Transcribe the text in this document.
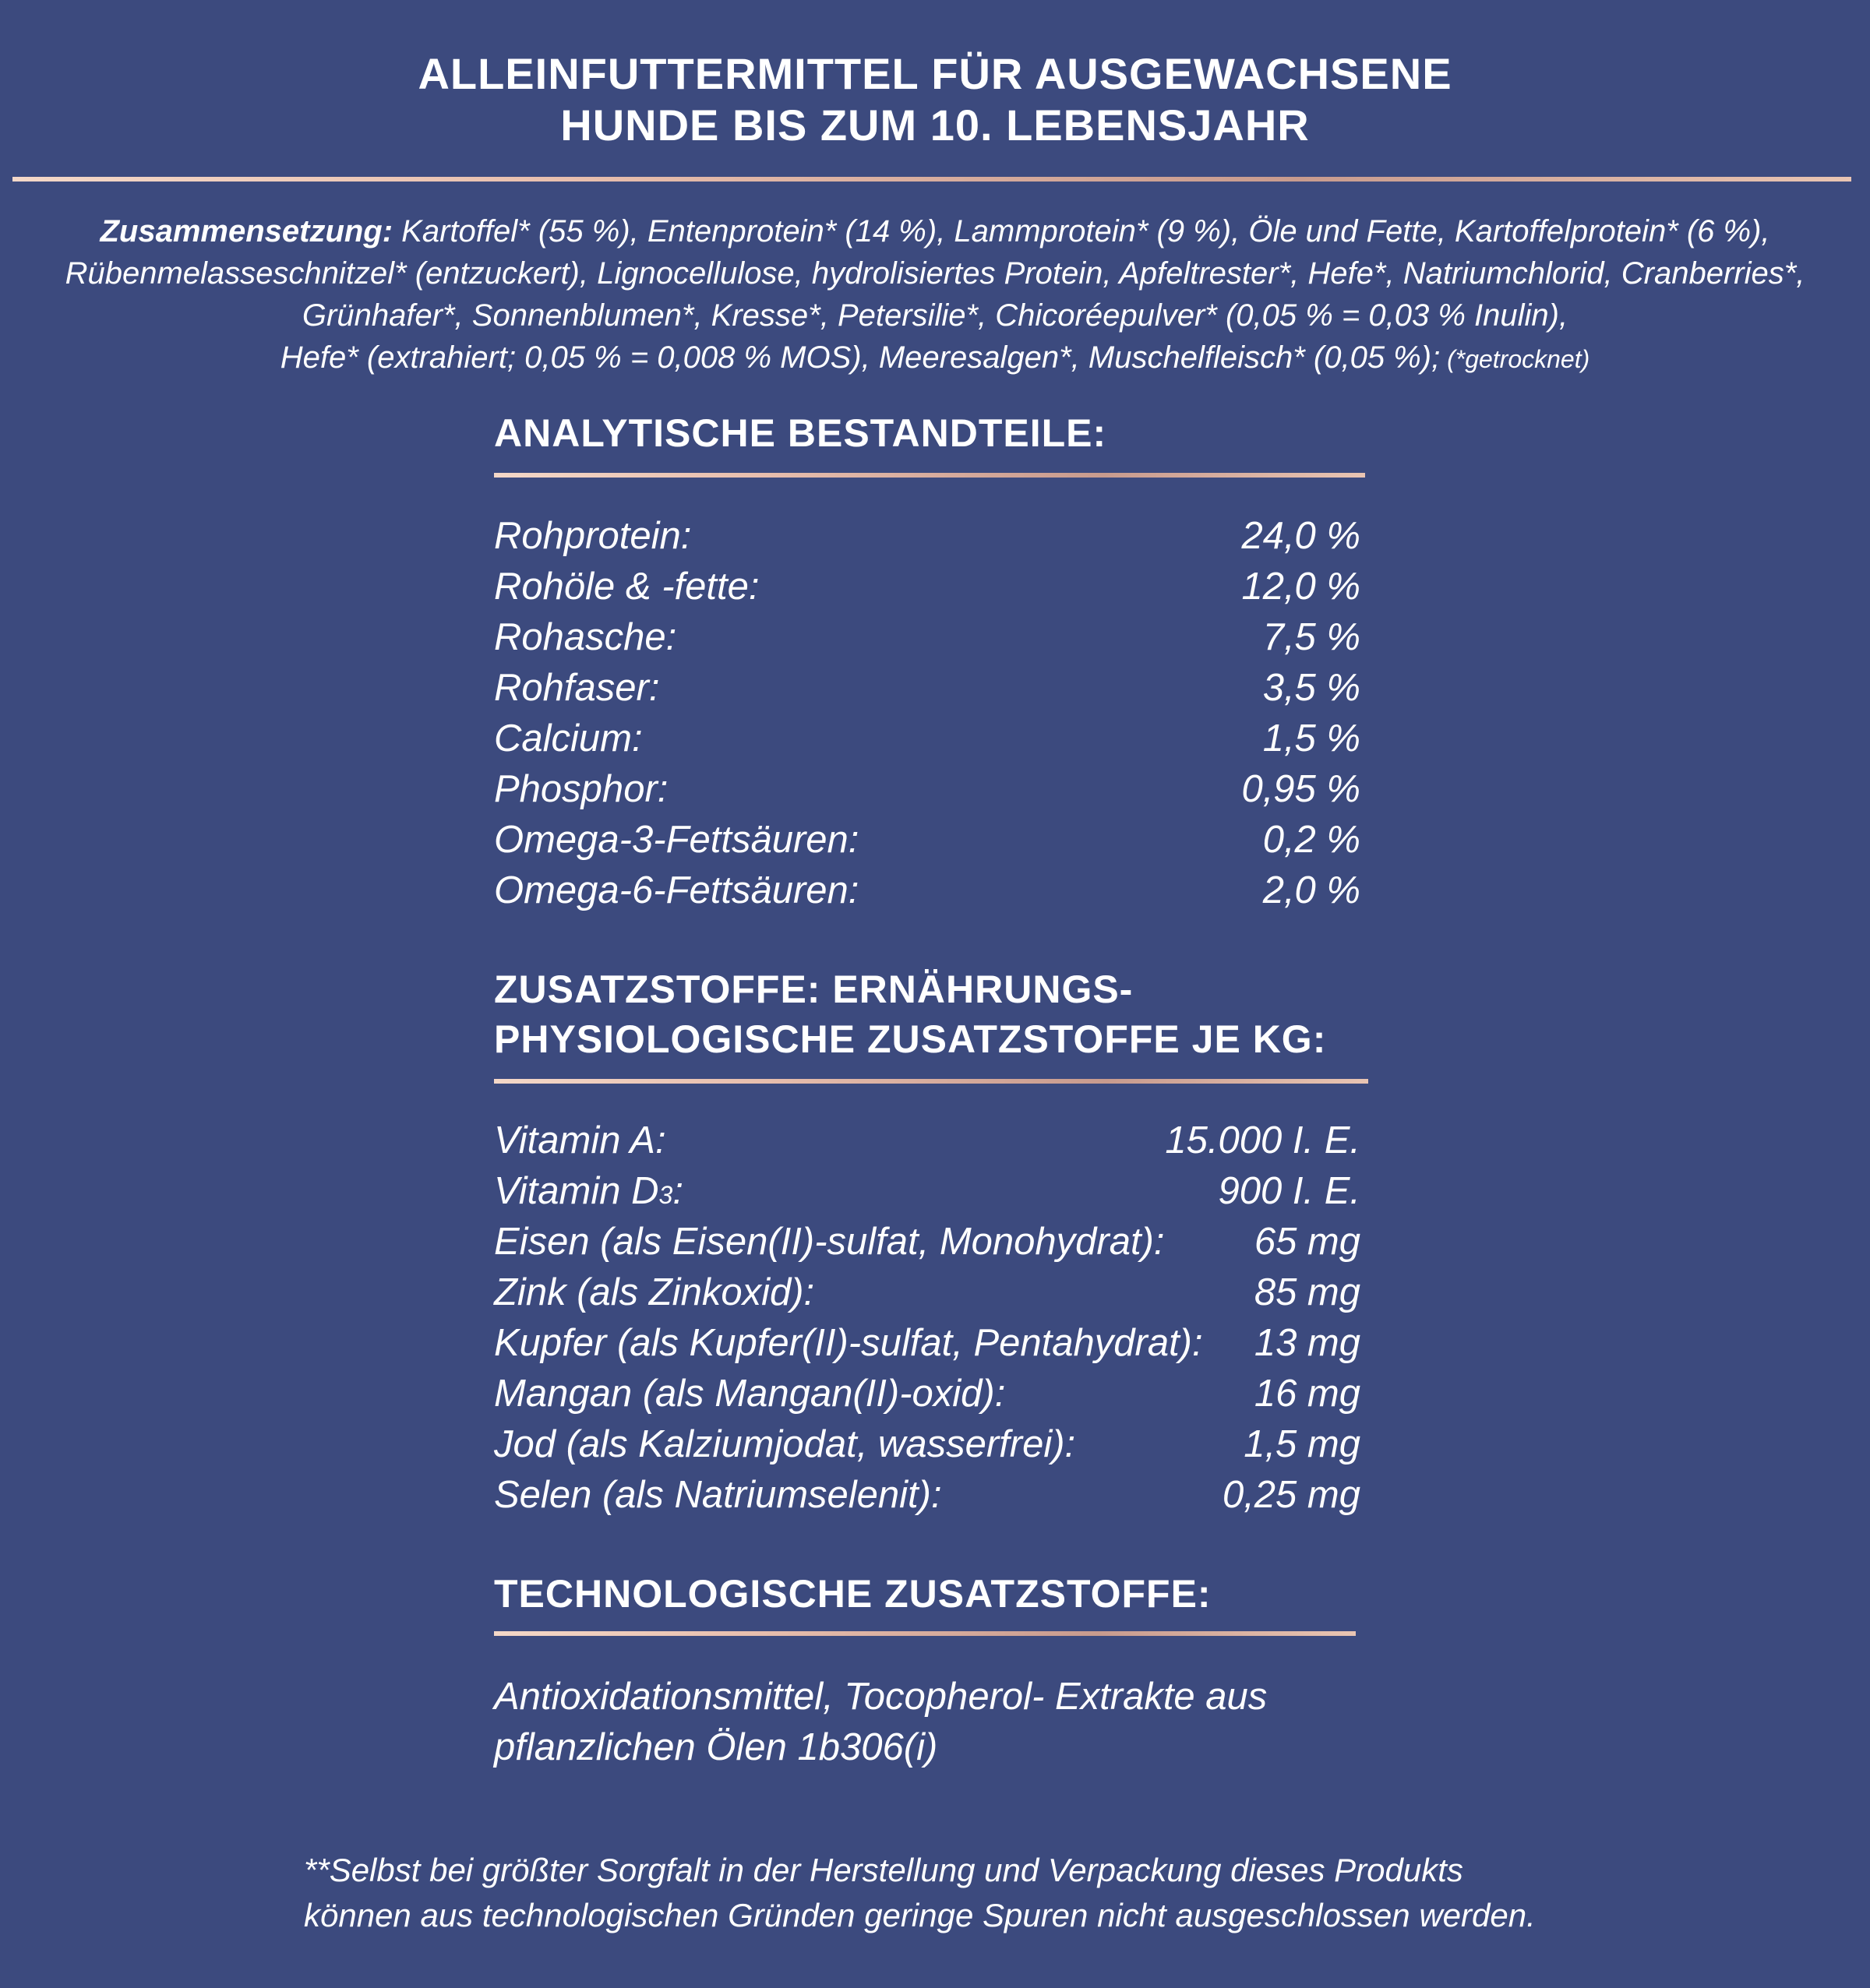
ALLEINFUTTERMITTEL FÜR AUSGEWACHSENE
HUNDE BIS ZUM 10. LEBENSJAHR
Zusammensetzung: Kartoffel* (55 %), Entenprotein* (14 %), Lammprotein* (9 %), Öle und Fette, Kartoffelprotein* (6 %),
Rübenmelasseschnitzel* (entzuckert), Lignocellulose, hydrolisiertes Protein, Apfeltrester*, Hefe*, Natriumchlorid, Cranberries*,
Grünhafer*, Sonnenblumen*, Kresse*, Petersilie*, Chicoréepulver* (0,05 % = 0,03 % Inulin),
Hefe* (extrahiert; 0,05 % = 0,008 % MOS), Meeresalgen*, Muschelfleisch* (0,05 %); (*getrocknet)
ANALYTISCHE BESTANDTEILE:
Rohprotein:	24,0 %
Rohöle & -fette:	12,0 %
Rohasche:	7,5 %
Rohfaser:	3,5 %
Calcium:	1,5 %
Phosphor:	0,95 %
Omega-3-Fettsäuren:	0,2 %
Omega-6-Fettsäuren:	2,0 %
ZUSATZSTOFFE: ERNÄHRUNGS-
PHYSIOLOGISCHE ZUSATZSTOFFE JE KG:
Vitamin A:	15.000 I. E.
Vitamin D3:	900 I. E.
Eisen (als Eisen(II)-sulfat, Monohydrat): 65 mg
Zink (als Zinkoxid):	85 mg
Kupfer (als Kupfer(II)-sulfat, Pentahydrat): 13 mg
Mangan (als Mangan(II)-oxid):	16 mg
Jod (als Kalziumjodat, wasserfrei):	1,5 mg
Selen (als Natriumselenit):	0,25 mg
TECHNOLOGISCHE ZUSATZSTOFFE:
Antioxidationsmittel, Tocopherol- Extrakte aus
pflanzlichen Ölen 1b306(i)
**Selbst bei größter Sorgfalt in der Herstellung und Verpackung dieses Produkts
können aus technologischen Gründen geringe Spuren nicht ausgeschlossen werden.
